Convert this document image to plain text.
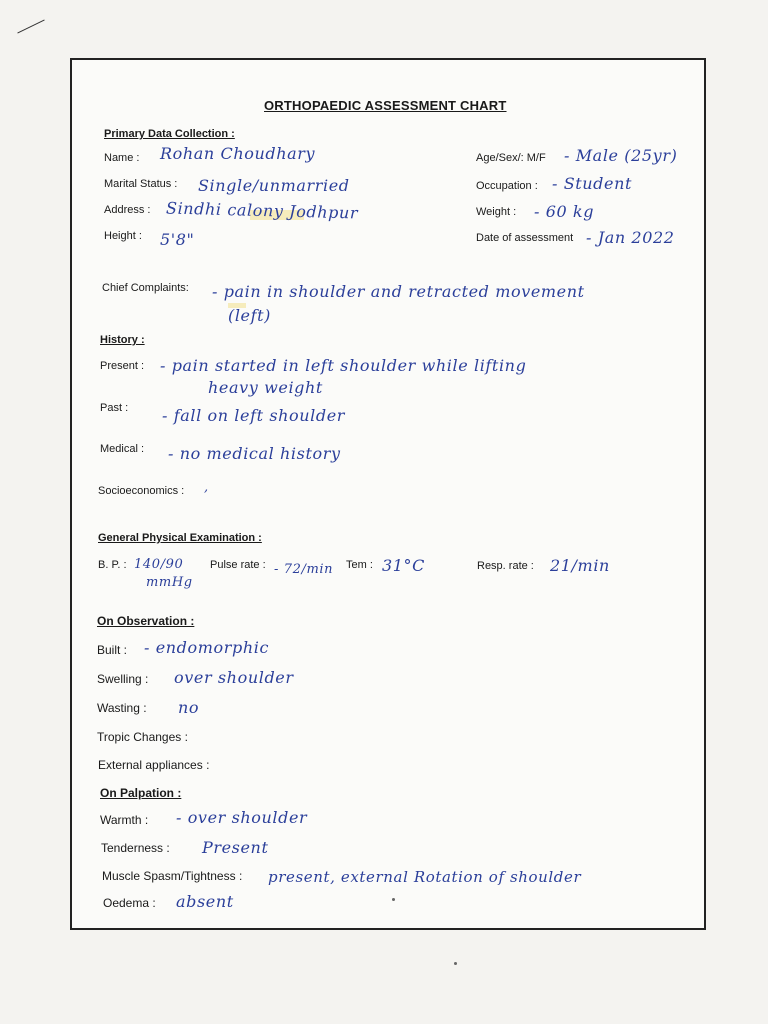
ORTHOPAEDIC ASSESSMENT CHART
Primary Data Collection :
Name : Rohan Choudhary
Marital Status : Single/unmarried
Address : Sindhi calony Jodhpur
Height : 5'8"
Age/Sex/: M/F - Male (25yr)
Occupation : - Student
Weight : - 60 kg
Date of assessment - Jan 2022
Chief Complaints: - pain in shoulder and retracted movement
(left)
History :
Present : - pain started in left shoulder while lifting
heavy weight
Past : - fall on left shoulder
Medical : - no medical history
Socioeconomics : ,
General Physical Examination :
B. P. : 140/90
mmHg
Pulse rate : - 72/min Tem : 31°C	Resp. rate : 21/min
On Observation :
Built : - endomorphic
Swelling : over shoulder
Wasting : no
Tropic Changes :
External appliances :
On Palpation :
Warmth : - over shoulder
Tenderness : Present
Muscle Spasm/Tightness : present, external Rotation of shoulder
Oedema : absent
